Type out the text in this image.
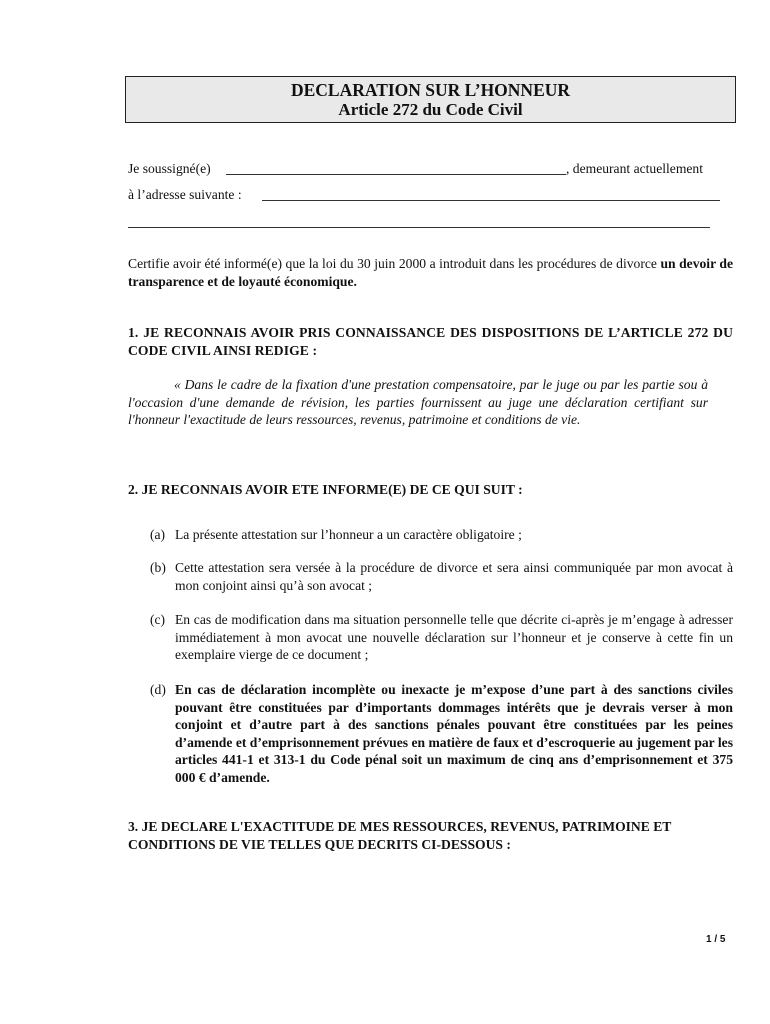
DECLARATION SUR L’HONNEUR
Article 272 du Code Civil
Je soussigné(e)	, demeurant actuellement
à l’adresse suivante :
Certifie avoir été informé(e) que la loi du 30 juin 2000 a introduit dans les procédures de divorce un devoir de transparence et de loyauté économique.
1. JE RECONNAIS AVOIR PRIS CONNAISSANCE DES DISPOSITIONS DE L’ARTICLE 272 DU CODE CIVIL AINSI REDIGE :
« Dans le cadre de la fixation d'une prestation compensatoire, par le juge ou par les partie sou à l'occasion d'une demande de révision, les parties fournissent au juge une déclaration certifiant sur l'honneur l'exactitude de leurs ressources, revenus, patrimoine et conditions de vie.
2. JE RECONNAIS AVOIR ETE INFORME(E) DE CE QUI SUIT :
(a) La présente attestation sur l’honneur a un caractère obligatoire ;
(b) Cette attestation sera versée à la procédure de divorce et sera ainsi communiquée par mon avocat à mon conjoint ainsi qu’à son avocat ;
(c) En cas de modification dans ma situation personnelle telle que décrite ci-après je m’engage à adresser immédiatement à mon avocat une nouvelle déclaration sur l’honneur et je conserve à cette fin un exemplaire vierge de ce document ;
(d) En cas de déclaration incomplète ou inexacte je m’expose d’une part à des sanctions civiles pouvant être constituées par d’importants dommages intérêts que je devrais verser à mon conjoint et d’autre part à des sanctions pénales pouvant être constituées par les peines d’amende et d’emprisonnement prévues en matière de faux et d’escroquerie au jugement par les articles 441-1 et 313-1 du Code pénal soit un maximum de cinq ans d’emprisonnement et 375 000 € d’amende.
3. JE DECLARE L'EXACTITUDE DE MES RESSOURCES, REVENUS, PATRIMOINE ET CONDITIONS DE VIE TELLES QUE DECRITS CI-DESSOUS :
1 / 5
